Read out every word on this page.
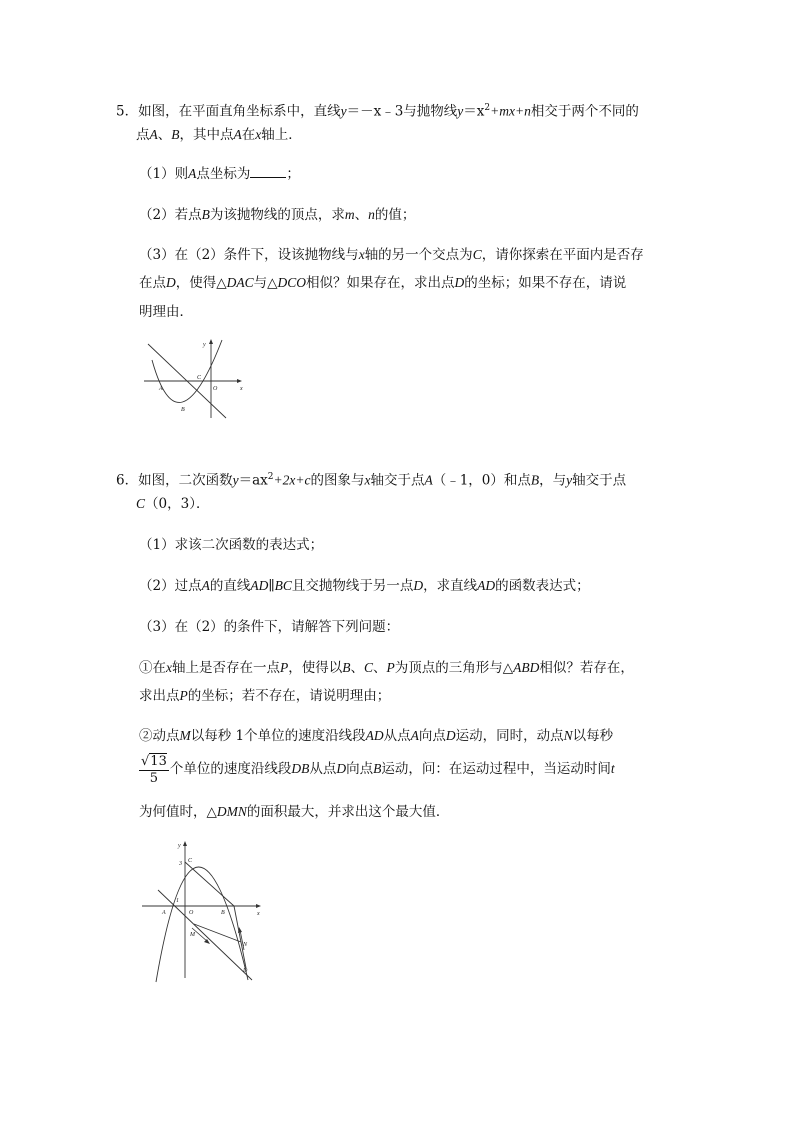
5．如图，在平面直角坐标系中，直线y＝－x﹣3与抛物线$y=x^2+mx+n$相交于两个不同的
点A、B，其中点A在x轴上．
（1）则A点坐标为	；
（2）若点B为该抛物线的顶点，求m、n的值；
（3）在（2）条件下，设该抛物线与x轴的另一个交点为C，请你探索在平面内是否存
在点D，使得△DAC与△DCO相似？如果存在，求出点D的坐标；如果不存在，请说
明理由．
y
x
A
B
C
O
6．如图，二次函数$y=ax^2+2x+c$的图象与x轴交于点A（﹣1，0）和点B，与y轴交于点
C（0，3）．
（1）求该二次函数的表达式；
（2）过点A的直线AD∥BC且交抛物线于另一点D，求直线AD的函数表达式；
（3）在（2）的条件下，请解答下列问题：
①在x轴上是否存在一点P，使得以B、C、P为顶点的三角形与△ABD相似？若存在，
求出点P的坐标；若不存在，请说明理由；
②动点M以每秒 1个单位的速度沿线段AD从点A向点D运动，同时，动点N以每秒
$\frac{√13}{5}$ 个单位的速度沿线段DB从点D向点B运动，问：在运动过程中，当运动时间t
为何值时，△DMN的面积最大，并求出这个最大值．
y
3 C
1
A	O	B	x
M
N
D
